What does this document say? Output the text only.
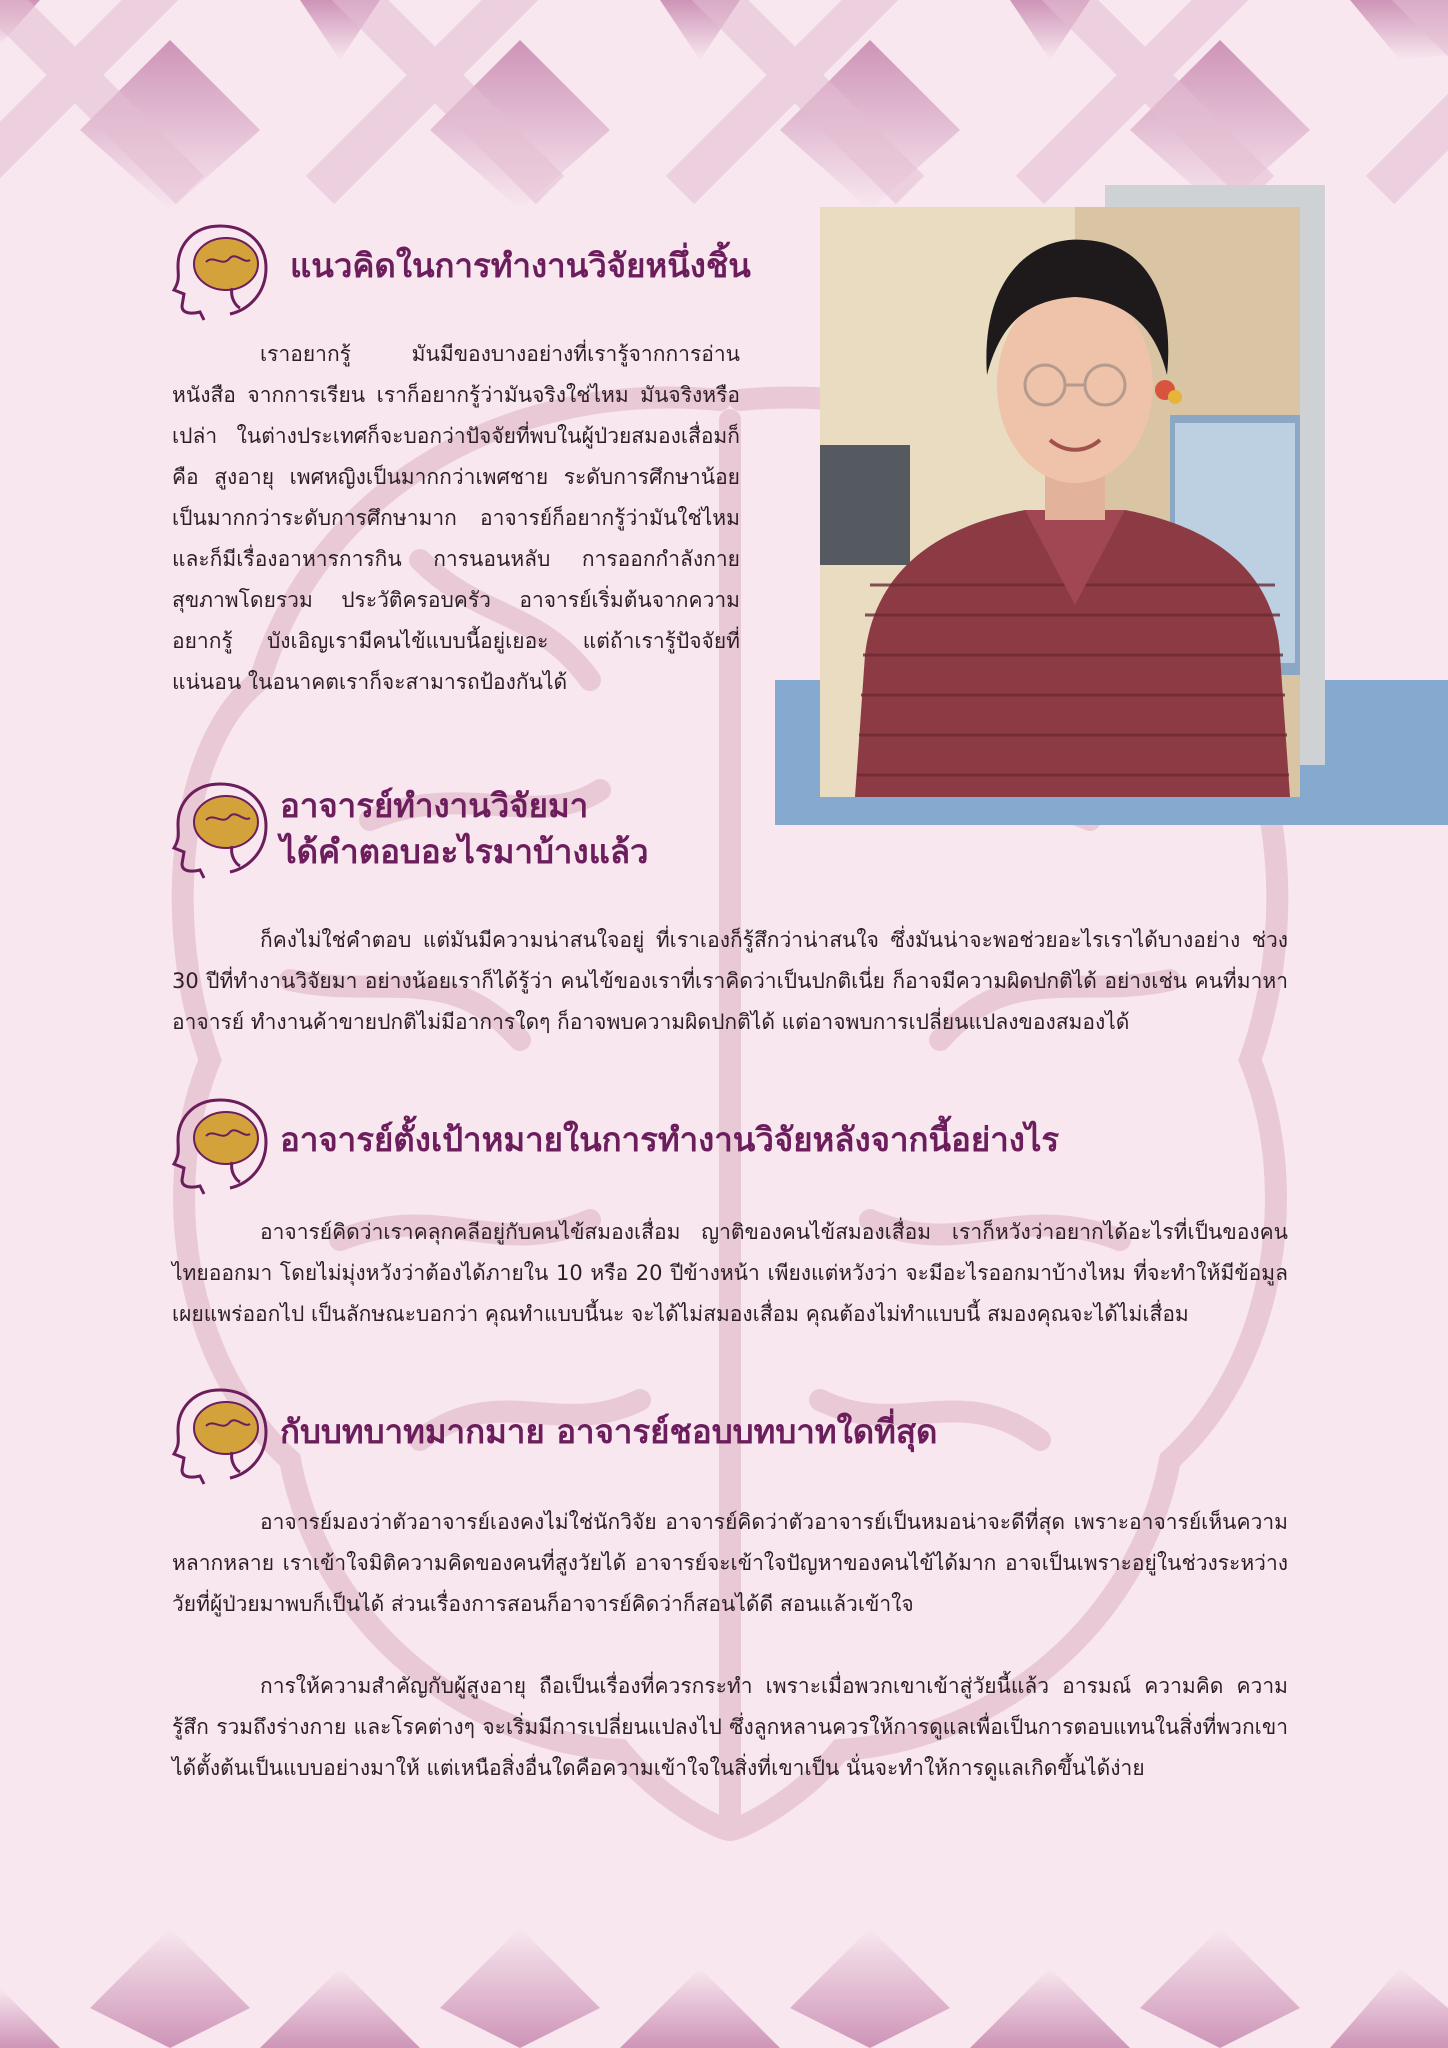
แนวคิดในการทำงานวิจัยหนึ่งชิ้น

เราอยากรู้ มันมีของบางอย่างที่เรารู้จากการอ่านหนังสือ จากการเรียน เราก็อยากรู้ว่ามันจริงใช่ไหม มันจริงหรือเปล่า ในต่างประเทศก็จะบอกว่าปัจจัยที่พบในผู้ป่วยสมองเสื่อมก็คือ สูงอายุ เพศหญิงเป็นมากกว่าเพศชาย ระดับการศึกษาน้อยเป็นมากกว่าระดับการศึกษามาก อาจารย์ก็อยากรู้ว่ามันใช่ไหม และก็มีเรื่องอาหารการกิน การนอนหลับ การออกกำลังกาย สุขภาพโดยรวม ประวัติครอบครัว อาจารย์เริ่มต้นจากความอยากรู้ บังเอิญเรามีคนไข้แบบนี้อยู่เยอะ แต่ถ้าเรารู้ปัจจัยที่แน่นอน ในอนาคตเราก็จะสามารถป้องกันได้

อาจารย์ทำงานวิจัยมา
ได้คำตอบอะไรมาบ้างแล้ว

ก็คงไม่ใช่คำตอบ แต่มันมีความน่าสนใจอยู่ ที่เราเองก็รู้สึกว่าน่าสนใจ ซึ่งมันน่าจะพอช่วยอะไรเราได้บางอย่าง ช่วง 30 ปีที่ทำงานวิจัยมา อย่างน้อยเราก็ได้รู้ว่า คนไข้ของเราที่เราคิดว่าเป็นปกติเนี่ย ก็อาจมีความผิดปกติได้ อย่างเช่น คนที่มาหาอาจารย์ ทำงานค้าขายปกติไม่มีอาการใดๆ ก็อาจพบความผิดปกติได้ แต่อาจพบการเปลี่ยนแปลงของสมองได้

อาจารย์ตั้งเป้าหมายในการทำงานวิจัยหลังจากนี้อย่างไร

อาจารย์คิดว่าเราคลุกคลีอยู่กับคนไข้สมองเสื่อม ญาติของคนไข้สมองเสื่อม เราก็หวังว่าอยากได้อะไรที่เป็นของคนไทยออกมา โดยไม่มุ่งหวังว่าต้องได้ภายใน 10 หรือ 20 ปีข้างหน้า เพียงแต่หวังว่า จะมีอะไรออกมาบ้างไหม ที่จะทำให้มีข้อมูลเผยแพร่ออกไป เป็นลักษณะบอกว่า คุณทำแบบนี้นะ จะได้ไม่สมองเสื่อม คุณต้องไม่ทำแบบนี้ สมองคุณจะได้ไม่เสื่อม

กับบทบาทมากมาย อาจารย์ชอบบทบาทใดที่สุด

อาจารย์มองว่าตัวอาจารย์เองคงไม่ใช่นักวิจัย อาจารย์คิดว่าตัวอาจารย์เป็นหมอน่าจะดีที่สุด เพราะอาจารย์เห็นความหลากหลาย เราเข้าใจมิติความคิดของคนที่สูงวัยได้ อาจารย์จะเข้าใจปัญหาของคนไข้ได้มาก อาจเป็นเพราะอยู่ในช่วงระหว่างวัยที่ผู้ป่วยมาพบก็เป็นได้ ส่วนเรื่องการสอนก็อาจารย์คิดว่าก็สอนได้ดี สอนแล้วเข้าใจ

การให้ความสำคัญกับผู้สูงอายุ ถือเป็นเรื่องที่ควรกระทำ เพราะเมื่อพวกเขาเข้าสู่วัยนี้แล้ว อารมณ์ ความคิด ความรู้สึก รวมถึงร่างกาย และโรคต่างๆ จะเริ่มมีการเปลี่ยนแปลงไป ซึ่งลูกหลานควรให้การดูแลเพื่อเป็นการตอบแทนในสิ่งที่พวกเขาได้ตั้งต้นเป็นแบบอย่างมาให้ แต่เหนือสิ่งอื่นใดคือความเข้าใจในสิ่งที่เขาเป็น นั่นจะทำให้การดูแลเกิดขึ้นได้ง่าย
